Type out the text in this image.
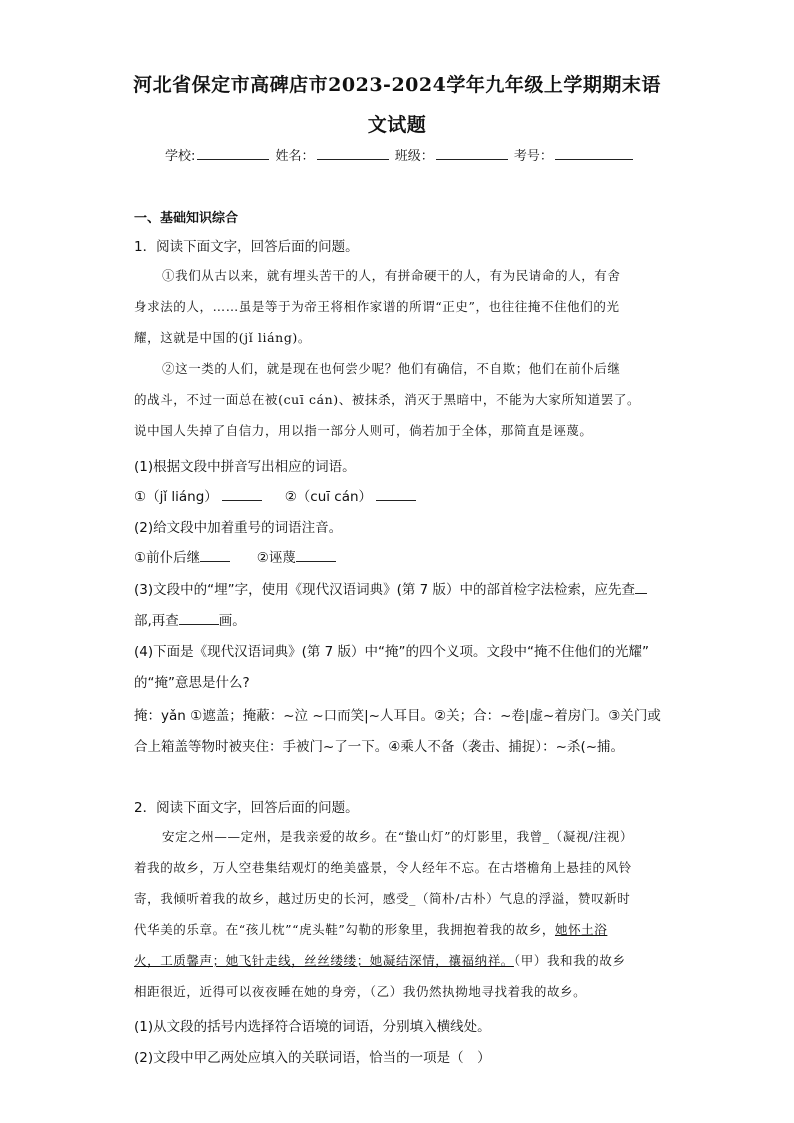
河北省保定市高碑店市2023-2024学年九年级上学期期末语
文试题
学校:	姓名：	班级：	考号：
一、基础知识综合
1．阅读下面文字，回答后面的问题。
①我们从古以来，就有埋头苦干的人，有拼命硬干的人，有为民请命的人，有舍
身求法的人，……虽是等于为帝王将相作家谱的所谓“正史”，也往往掩不住他们的光
耀，这就是中国的(jǐ liáng)。
②这一类的人们，就是现在也何尝少呢？他们有确信，不自欺；他们在前仆后继
的战斗，不过一面总在被(cuī cán)、被抹杀，消灭于黑暗中，不能为大家所知道罢了。
说中国人失掉了自信力，用以指一部分人则可，倘若加于全体，那简直是诬蔑。
(1)根据文段中拼音写出相应的词语。
①（jǐ liáng）	②（cuī cán）
(2)给文段中加着重号的词语注音。
①前仆后继	②诬蔑
(3)文段中的“埋”字，使用《现代汉语词典》(第 7 版）中的部首检字法检索，应先查
部,再查	画。
(4)下面是《现代汉语词典》(第 7 版）中“掩”的四个义项。文段中“掩不住他们的光耀”
的“掩”意思是什么?
掩：yǎn ①遮盖；掩蔽：~泣 ~口而笑|~人耳目。②关；合：~卷|虚~着房门。③关门或
合上箱盖等物时被夹住：手被门~了一下。④乘人不备（袭击、捕捉）：~杀(~捕。
2．阅读下面文字，回答后面的问题。
安定之州——定州，是我亲爱的故乡。在“蛰山灯”的灯影里，我曾_（凝视/注视）
着我的故乡，万人空巷集结观灯的绝美盛景，令人经年不忘。在古塔檐角上悬挂的风铃
寄，我倾听着我的故乡，越过历史的长河，感受_（简朴/古朴）气息的浮溢，赞叹新时
代华美的乐章。在“孩儿枕”“虎头鞋”勾勒的形象里，我拥抱着我的故乡，她怀土浴
火，工质馨声；她飞针走线，丝丝缕缕；她凝结深情，禳福纳祥。（甲）我和我的故乡
相距很近，近得可以夜夜睡在她的身旁，（乙）我仍然执拗地寻找着我的故乡。
(1)从文段的括号内选择符合语境的词语，分别填入横线处。
(2)文段中甲乙两处应填入的关联词语，恰当的一项是（　）
